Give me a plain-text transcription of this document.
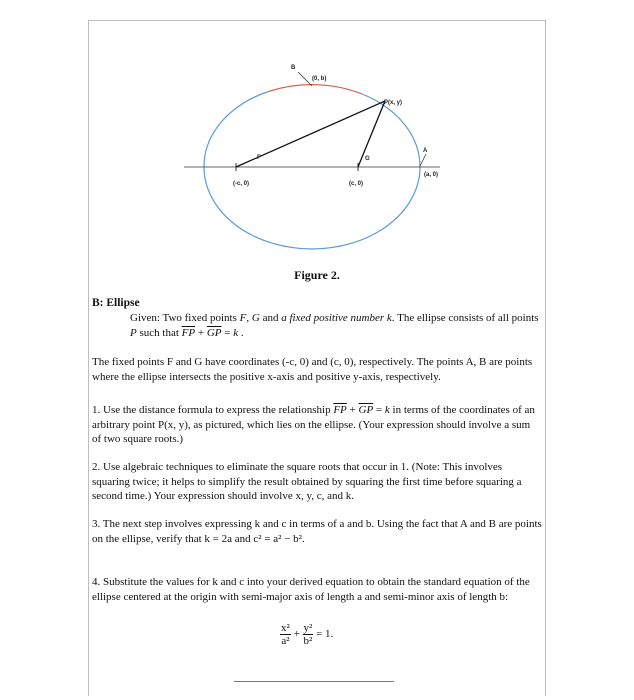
B
(0, b)
P(x, y)
A
(a, 0)
F
(-c, 0)
G
(c, 0)
Figure 2.
B: Ellipse
Given: Two fixed points F, G and a fixed positive number k. The ellipse consists of all points P such that $\overline{FP} + \overline{GP} = k$ .
The fixed points F and G have coordinates (-c, 0) and (c, 0), respectively. The points A, B are points where the ellipse intersects the positive x-axis and positive y-axis, respectively.
1. Use the distance formula to express the relationship $\overline{FP} + \overline{GP} = k$ in terms of the coordinates of an arbitrary point P(x, y), as pictured, which lies on the ellipse. (Your expression should involve a sum of two square roots.)
2. Use algebraic techniques to eliminate the square roots that occur in 1. (Note: This involves squaring twice; it helps to simplify the result obtained by squaring the first time before squaring a second time.) Your expression should involve x, y, c, and k.
3. The next step involves expressing k and c in terms of a and b. Using the fact that A and B are points on the ellipse, verify that k = 2a and c² = a² − b².
4. Substitute the values for k and c into your derived equation to obtain the standard equation of the ellipse centered at the origin with semi-major axis of length a and semi-minor axis of length b:
$\frac{\text{x²}}{\text{a²}} + \frac{\text{y²}}{\text{b²}} = 1$.
